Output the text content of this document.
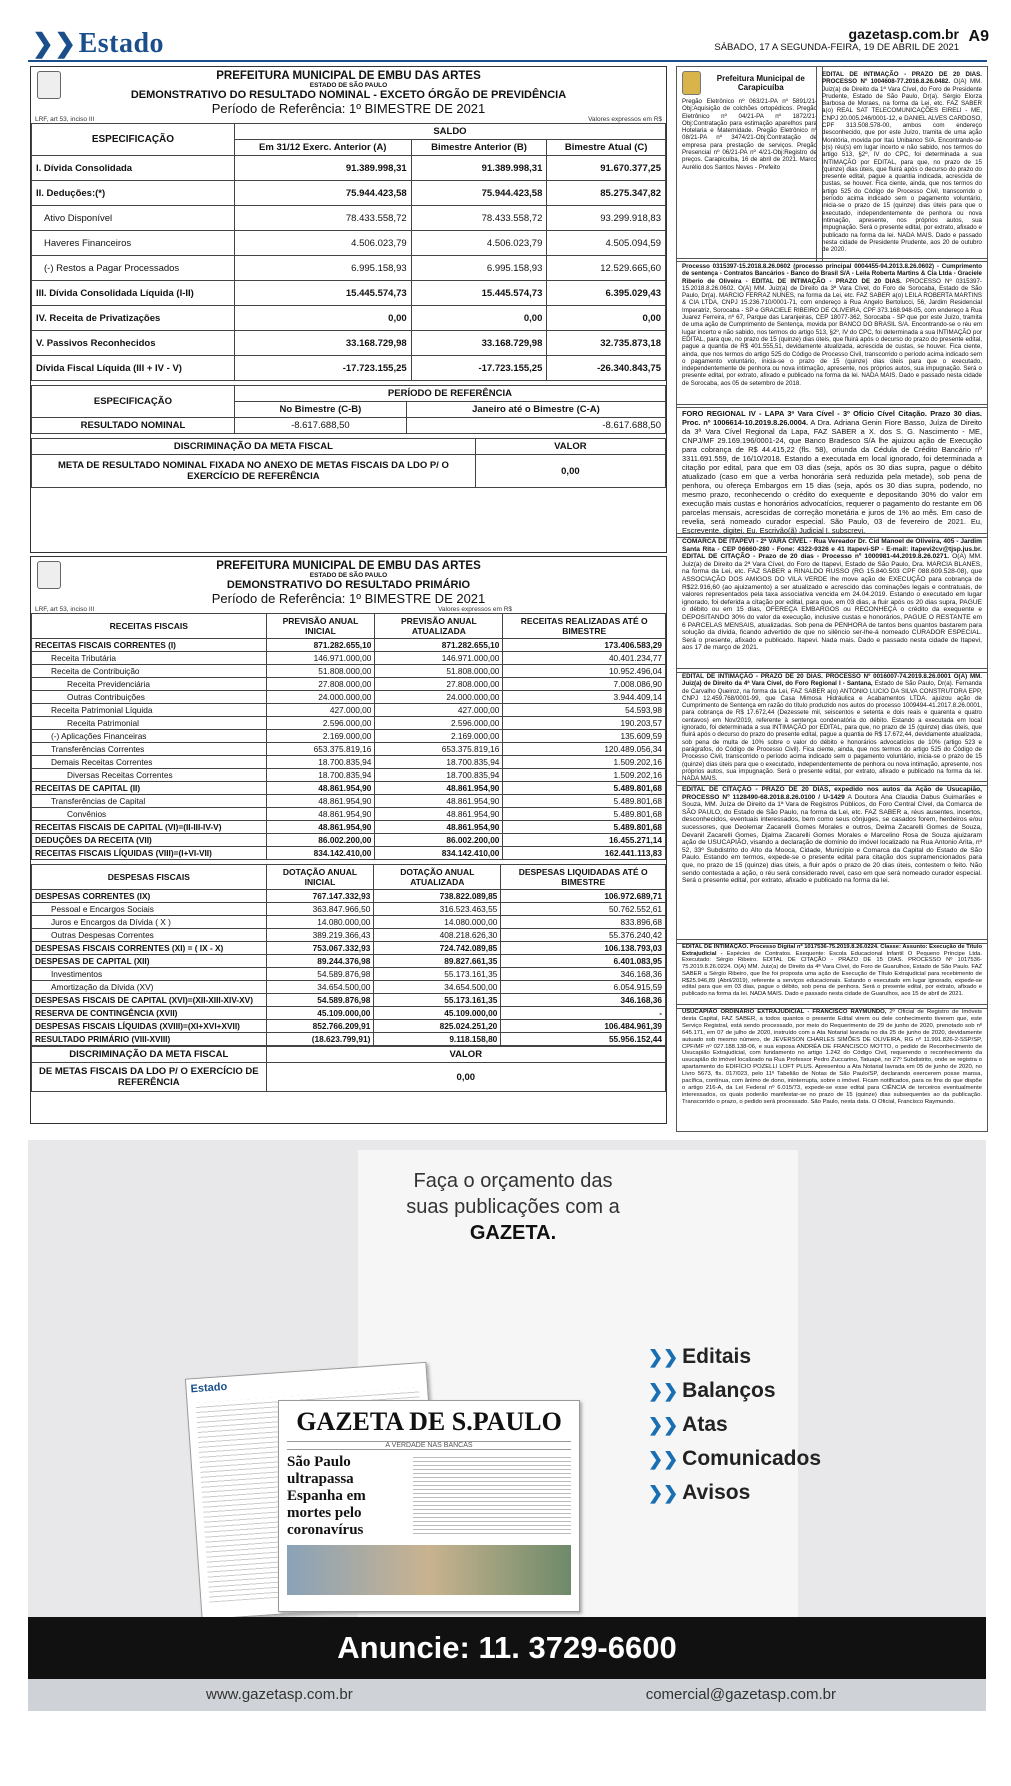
❯❯Estado	gazetasp.com.br
SÁBADO, 17 A SEGUNDA-FEIRA, 19 DE ABRIL DE 2021
A9
PREFEITURA MUNICIPAL DE EMBU DAS ARTES
ESTADO DE SÃO PAULO
DEMONSTRATIVO DO RESULTADO NOMINAL - EXCETO ÓRGÃO DE PREVIDÊNCIA
Período de Referência: 1º BIMESTRE DE 2021
LRF, art 53, inciso III	Valores expressos em R$
ESPECIFICAÇÃO	SALDO		
	Em 31/12 Exerc. Anterior (A)	Bimestre Anterior (B)	Bimestre Atual (C)
I. Dívida Consolidada	91.389.998,31	91.389.998,31	91.670.377,25
II. Deduções:(*)	75.944.423,58	75.944.423,58	85.275.347,82
Ativo Disponível	78.433.558,72	78.433.558,72	93.299.918,83
Haveres Financeiros	4.506.023,79	4.506.023,79	4.505.094,59
(-) Restos a Pagar Processados	6.995.158,93	6.995.158,93	12.529.665,60
III. Dívida Consolidada Líquida (I-II)	15.445.574,73	15.445.574,73	6.395.029,43
IV. Receita de Privatizações	0,00	0,00	0,00
V. Passivos Reconhecidos	33.168.729,98	33.168.729,98	32.735.873,18
Dívida Fiscal Líquida (III + IV - V)	-17.723.155,25	-17.723.155,25	-26.340.843,75
ESPECIFICAÇÃO	PERÍODO DE REFERÊNCIA	
	No Bimestre (C-B)	Janeiro até o Bimestre (C-A)
RESULTADO NOMINAL	-8.617.688,50	-8.617.688,50
DISCRIMINAÇÃO DA META FISCAL	VALOR
META DE RESULTADO NOMINAL FIXADA NO ANEXO DE METAS FISCAIS DA LDO P/ O EXERCÍCIO DE REFERÊNCIA	0,00
PREFEITURA MUNICIPAL DE EMBU DAS ARTES
ESTADO DE SÃO PAULO
DEMONSTRATIVO DO RESULTADO PRIMÁRIO
Período de Referência: 1º BIMESTRE DE 2021
LRF, art 53, inciso III	Valores expressos em R$
RECEITAS FISCAIS	PREVISÃO ANUAL INICIAL	PREVISÃO ANUAL ATUALIZADA	RECEITAS REALIZADAS ATÉ O BIMESTRE
RECEITAS FISCAIS CORRENTES (I)	871.282.655,10	871.282.655,10	173.406.583,29
Receita Tributária	146.971.000,00	146.971.000,00	40.401.234,77
Receita de Contribuição	51.808.000,00	51.808.000,00	10.952.496,04
Receita Previdenciária	27.808.000,00	27.808.000,00	7.008.086,90
Outras Contribuições	24.000.000,00	24.000.000,00	3.944.409,14
Receita Patrimonial Líquida	427.000,00	427.000,00	54.593,98
Receita Patrimonial	2.596.000,00	2.596.000,00	190.203,57
(-) Aplicações Financeiras	2.169.000,00	2.169.000,00	135.609,59
Transferências Correntes	653.375.819,16	653.375.819,16	120.489.056,34
Demais Receitas Correntes	18.700.835,94	18.700.835,94	1.509.202,16
Diversas Receitas Correntes	18.700.835,94	18.700.835,94	1.509.202,16
RECEITAS DE CAPITAL (II)	48.861.954,90	48.861.954,90	5.489.801,68
Transferências de Capital	48.861.954,90	48.861.954,90	5.489.801,68
Convênios	48.861.954,90	48.861.954,90	5.489.801,68
RECEITAS FISCAIS DE CAPITAL (VI)=(II-III-IV-V)	48.861.954,90	48.861.954,90	5.489.801,68
DEDUÇÕES DA RECEITA (VII)	86.002.200,00	86.002.200,00	16.455.271,14
RECEITAS FISCAIS LÍQUIDAS (VIII)=(I+VI-VII)	834.142.410,00	834.142.410,00	162.441.113,83
DESPESAS FISCAIS	DOTAÇÃO ANUAL INICIAL	DOTAÇÃO ANUAL ATUALIZADA	DESPESAS LIQUIDADAS ATÉ O BIMESTRE
DESPESAS CORRENTES (IX)	767.147.332,93	738.822.089,85	106.972.689,71
Pessoal e Encargos Sociais	363.847.966,50	316.523.463,55	50.762.552,61
Juros e Encargos da Dívida ( X )	14.080.000,00	14.080.000,00	833.896,68
Outras Despesas Correntes	389.219.366,43	408.218.626,30	55.376.240,42
DESPESAS FISCAIS CORRENTES (XI) = ( IX - X)	753.067.332,93	724.742.089,85	106.138.793,03
DESPESAS DE CAPITAL (XII)	89.244.376,98	89.827.661,35	6.401.083,95
Investimentos	54.589.876,98	55.173.161,35	346.168,36
Amortização da Dívida (XV)	34.654.500,00	34.654.500,00	6.054.915,59
DESPESAS FISCAIS DE CAPITAL (XVI)=(XII-XIII-XIV-XV)	54.589.876,98	55.173.161,35	346.168,36
RESERVA DE CONTINGÊNCIA (XVII)	45.109.000,00	45.109.000,00	-
DESPESAS FISCAIS LÍQUIDAS (XVIII)=(XI+XVI+XVII)	852.766.209,91	825.024.251,20	106.484.961,39
RESULTADO PRIMÁRIO (VIII-XVIII)	(18.623.799,91)	9.118.158,80	55.956.152,44
DISCRIMINAÇÃO DA META FISCAL	VALOR
DE METAS FISCAIS DA LDO P/ O EXERCÍCIO DE REFERÊNCIA	0,00
Prefeitura Municipal de Carapicuíba
Pregão Eletrônico nº 063/21-PA nº 5891/21-Obj:Aquisição de colchões ortopédicos. Pregão Eletrônico nº 04/21-PA nº 1872/21-Obj:Contratação para estimação aparelhos para Hotelaria e Maternidade. Pregão Eletrônico nº 08/21-PA nº 3474/21-Obj:Contratação de empresa para prestação de serviços. Pregão Presencial nº 06/21-PA nº 4/21-Obj:Registro de preços. Carapicuíba, 16 de abril de 2021. Marco Aurélio dos Santos Neves - Prefeito
EDITAL DE INTIMAÇÃO - PRAZO DE 20 DIAS. PROCESSO Nº 1004608-77.2016.8.26.0482. O(A) MM. Juiz(a) de Direito da 1ª Vara Cível, do Foro de Presidente Prudente, Estado de São Paulo, Dr(a). Sérgio Elorza Barbosa de Moraes, na forma da Lei, etc. FAZ SABER a(o) REAL SAT TELECOMUNICAÇÕES EIRELI - ME, CNPJ 20.005.246/0001-12, e DANIEL ALVES CARDOSO, CPF 313.508.578-00, ambos com endereço desconhecido, que por este Juízo, tramita de uma ação Monitória, movida por Itaú Unibanco S/A. Encontrando-se o(s) réu(s) em lugar incerto e não sabido, nos termos do artigo 513, §2º, IV do CPC, foi determinada a sua INTIMAÇÃO por EDITAL, para que, no prazo de 15 (quinze) dias úteis, que fluirá após o decurso do prazo do presente edital, pague a quantia indicada, acrescida de custas, se houver. Fica ciente, ainda, que nos termos do artigo 525 do Código de Processo Civil, transcorrido o período acima indicado sem o pagamento voluntário, inicia-se o prazo de 15 (quinze) dias úteis para que o executado, independentemente de penhora ou nova intimação, apresente, nos próprios autos, sua impugnação. Será o presente edital, por extrato, afixado e publicado na forma da lei. NADA MAIS. Dado e passado nesta cidade de Presidente Prudente, aos 20 de outubro de 2020.
Processo 0315397-15.2018.8.26.0602 (processo principal 0004455-94.2013.8.26.0602) - Cumprimento de sentença - Contratos Bancários - Banco do Brasil S/A - Leila Roberta Martins & Cia Ltda - Graciele Riberio de Oliveira - EDITAL DE INTIMAÇÃO - PRAZO DE 20 DIAS. PROCESSO Nº 0315397-15.2018.8.26.0602. O(A) MM. Juiz(a) de Direito da 3ª Vara Cível, do Foro de Sorocaba, Estado de São Paulo, Dr(a). MARCIO FERRAZ NUNES, na forma da Lei, etc. FAZ SABER a(o) LEILA ROBERTA MARTINS & CIA LTDA, CNPJ 15.236.710/0001-71, com endereço à Rua Angelo Bertolucci, 56, Jardim Residencial Imperatriz, Sorocaba - SP e GRACIELE RIBEIRO DE OLIVEIRA, CPF 373.168.948-05, com endereço à Rua Juarez Ferreira, nº 67, Parque das Laranjeiras, CEP 18077-362, Sorocaba - SP que por este Juízo, tramita de uma ação de Cumprimento de Sentença, movida por BANCO DO BRASIL S/A. Encontrando-se o réu em lugar incerto e não sabido, nos termos do artigo 513, §2º, IV do CPC, foi determinada a sua INTIMAÇÃO por EDITAL, para que, no prazo de 15 (quinze) dias úteis, que fluirá após o decurso do prazo do presente edital, pague a quantia de R$ 401.555,51, devidamente atualizada, acrescida de custas, se houver. Fica ciente, ainda, que nos termos do artigo 525 do Código de Processo Civil, transcorrido o período acima indicado sem o pagamento voluntário, inicia-se o prazo de 15 (quinze) dias úteis para que o executado, independentemente de penhora ou nova intimação, apresente, nos próprios autos, sua impugnação. Será o presente edital, por extrato, afixado e publicado na forma da lei. NADA MAIS. Dado e passado nesta cidade de Sorocaba, aos 05 de setembro de 2018.
FORO REGIONAL IV - LAPA 3ª Vara Cível - 3º Ofício Cível Citação. Prazo 30 dias. Proc. nº 1006614-10.2019.8.26.0004. A Dra. Adriana Genin Fiore Basso, Juíza de Direito da 3ª Vara Cível Regional da Lapa, FAZ SABER a X. dos S. G. Nascimento - ME, CNPJ/MF 29.169.196/0001-24, que Banco Bradesco S/A lhe ajuizou ação de Execução para cobrança de R$ 44.415,22 (fls. 58), oriunda da Cédula de Crédito Bancário nº 3311.691.559, de 16/10/2018. Estando a executada em local ignorado, foi determinada a citação por edital, para que em 03 dias (seja, após os 30 dias supra, pague o débito atualizado (caso em que a verba honorária será reduzida pela metade), sob pena de penhora, ou ofereça Embargos em 15 dias (seja, após os 30 dias supra, podendo, no mesmo prazo, reconhecendo o crédito do exequente e depositando 30% do valor em execução mais custas e honorários advocatícios, requerer o pagamento do restante em 06 parcelas mensais, acrescidas de correção monetária e juros de 1% ao mês. Em caso de revelia, será nomeado curador especial. São Paulo, 03 de fevereiro de 2021. Eu, Escrevente, digitei. Eu, Escrivão(ã) Judicial I, subscrevi.
COMARCA DE ITAPEVI - 2ª VARA CÍVEL - Rua Vereador Dr. Cid Manoel de Oliveira, 405 - Jardim Santa Rita - CEP 06660-280 - Fone: 4322-9326 e 41 Itapevi-SP - E-mail: itapevi2cv@tjsp.jus.br. EDITAL DE CITAÇÃO - Prazo de 20 dias - Processo nº 1000981-44.2019.8.26.0271. O(A) MM. Juiz(a) de Direito da 2ª Vara Cível, do Foro de Itapevi, Estado de São Paulo, Dra. MARCIA BLANES, na forma da Lei, etc. FAZ SABER a RINALDO RUSSO (RG 15.840.503 CPF 088.609.528-08), que ASSOCIAÇÃO DOS AMIGOS DO VILA VERDE lhe move ação de EXECUÇÃO para cobrança de R$22.916,60 (ao ajuizamento) a ser atualizado e acrescido das cominações legais e contratuais, de valores representados pela taxa associativa vencida em 24.04.2019. Estando o executado em lugar ignorado, foi deferida a citação por edital, para que, em 03 dias, a fluir após os 20 dias supra, PAGUE o débito ou em 15 dias, OFEREÇA EMBARGOS ou RECONHEÇA o crédito da exequente e DEPOSITANDO 30% do valor da execução, inclusive custas e honorários, PAGUE O RESTANTE em 6 PARCELAS MENSAIS, atualizadas. Sob pena de PENHORA de tantos bens quantos bastarem para solução da dívida, ficando advertido de que no silêncio ser-lhe-á nomeado CURADOR ESPECIAL. Será o presente, afixado e publicado. Itapevi. Nada mais. Dado e passado nesta cidade de Itapevi, aos 17 de março de 2021.
EDITAL DE INTIMAÇÃO - PRAZO DE 20 DIAS. PROCESSO Nº 0016007-74.2019.8.26.0001 O(A) MM. Juiz(a) de Direito da 4ª Vara Cível, do Foro Regional I - Santana, Estado de São Paulo, Dr(a). Fernanda de Carvalho Queiroz, na forma da Lei, FAZ SABER a(o) ANTONIO LUCIO DA SILVA CONSTRUTORA EPP, CNPJ 12.459.768/0001-99, que Casa Mimosa Hidráulica e Acabamentos LTDA. ajuizou ação de Cumprimento de Sentença em razão do título produzido nos autos do processo 1009494-41.2017.8.26.0001, para cobrança de R$ 17.672,44 (Dezessete mil, seiscentos e setenta e dois reais e quarenta e quatro centavos) em Nov/2019, referente à sentença condenatória do débito. Estando a executada em local ignorado, foi determinada a sua INTIMAÇÃO por EDITAL, para que, no prazo de 15 (quinze) dias úteis, que fluirá após o decurso do prazo do presente edital, pague a quantia de R$ 17.672,44, devidamente atualizada, sob pena de multa de 10% sobre o valor do débito e honorários advocatícios de 10% (artigo 523 e parágrafos, do Código de Processo Civil). Fica ciente, ainda, que nos termos do artigo 525 do Código de Processo Civil, transcorrido o período acima indicado sem o pagamento voluntário, inicia-se o prazo de 15 (quinze) dias úteis para que o executado, independentemente de penhora ou nova intimação, apresente, nos próprios autos, sua impugnação. Será o presente edital, por extrato, afixado e publicado na forma da lei. NADA MAIS.
EDITAL DE CITAÇÃO - PRAZO DE 20 DIAS, expedido nos autos da Ação de Usucapião, PROCESSO Nº 1128490-68.2018.8.26.0100 / U-1429 A Doutora Ana Claudia Dabus Guimarães e Souza, MM. Juíza de Direito da 1ª Vara de Registros Públicos, do Foro Central Cível, da Comarca de SÃO PAULO, do Estado de São Paulo, na forma da Lei, etc. FAZ SABER a, réus ausentes, incertos, desconhecidos, eventuais interessados, bem como seus cônjuges, se casados forem, herdeiros e/ou sucessores, que Deolemar Zacarelli Gomes Morales e outros, Delma Zacarelli Gomes de Souza, Devanil Zacarelli Gomes, Djalma Zacarelli Gomes Morales e Marcelino Rosa de Souza ajuizaram ação de USUCAPIÃO, visando a declaração de domínio do imóvel localizado na Rua Antonio Arita, nº 52, 33º Subdistrito do Alto da Mooca, Cidade, Município e Comarca da Capital do Estado de São Paulo. Estando em termos, expede-se o presente edital para citação dos supramencionados para que, no prazo de 15 (quinze) dias úteis, a fluir após o prazo de 20 dias úteis, contestem o feito. Não sendo contestada a ação, o réu será considerado revel, caso em que será nomeado curador especial. Será o presente edital, por extrato, afixado e publicado na forma da lei.
EDITAL DE INTIMAÇÃO. Processo Digital nº 1017536-75.2019.8.26.0224. Classe: Assunto: Execução de Título Extrajudicial - Espécies de Contratos. Exequente: Escola Educacional Infantil O Pequeno Príncipe Ltda. Executado: Sérgio Ribeiro. EDITAL DE CITAÇÃO - PRAZO DE 15 DIAS. PROCESSO Nº 1017536-75.2019.8.26.0224. O(A) MM. Juiz(a) de Direito da 4ª Vara Cível, do Foro de Guarulhos, Estado de São Paulo. FAZ SABER a Sérgio Ribeiro, que lhe foi proposta uma ação de Execução de Título Extrajudicial para recebimento de R$25.946,89 (Abril/2019), referente a serviços educacionais. Estando o executado em lugar ignorado, expede-se edital para que em 03 dias, pague o débito, sob pena de penhora. Será o presente edital, por extrato, afixado e publicado na forma da lei. NADA MAIS. Dado e passado nesta cidade de Guarulhos, aos 15 de abril de 2021.
USUCAPIÃO ORDINÁRIO EXTRAJUDICIAL - FRANCISCO RAYMUNDO, 2º Oficial de Registro de Imóveis desta Capital, FAZ SABER, a todos quantos o presente Edital virem ou dele conhecimento tiverem que, este Serviço Registral, está sendo processado, por meio do Requerimento de 29 de junho de 2020, prenotado sob nº 645.171, em 07 de julho de 2020, instruído com a Ata Notarial lavrada no dia 25 de junho de 2020, devidamente autuado sob mesmo número, de JEVERSON CHARLES SIMÕES DE OLIVEIRA, RG nº 11.991.826-2-SSP/SP, CPF/MF nº 027.188.138-06, e sua esposa ANDRÉA DE FRANCISCO MOTTO, o pedido de Reconhecimento de Usucapião Extrajudicial, com fundamento no artigo 1.242 do Código Civil, requerendo o reconhecimento da usucapião do imóvel localizado na Rua Professor Pedro Zuccarino, Tatuapé, no 27º Subdistrito, onde se registra o apartamento do EDIFÍCIO POZELLI LOFT PLUS. Apresentou a Ata Notarial lavrada em 05 de junho de 2020, no Livro 5673, fls. 017/023, pelo 11º Tabelião de Notas de São Paulo/SP, declarando exercerem posse mansa, pacífica, contínua, com ânimo de dono, ininterrupta, sobre o imóvel. Ficam notificados, para os fins do que dispõe o artigo 216-A, da Lei Federal nº 6.015/73, expede-se esse edital para CIÊNCIA de terceiros eventualmente interessados, os quais poderão manifestar-se no prazo de 15 (quinze) dias subsequentes ao da publicação. Transcorrido o prazo, o pedido será processado. São Paulo, nesta data. O Oficial, Francisco Raymundo.
Faça o orçamento das
suas publicações com a
GAZETA.
Estado
GAZETA DE S.PAULO
A VERDADE NAS BANCAS
São Paulo ultrapassa Espanha em mortes pelo coronavírus
❯❯ Editais
❯❯ Balanços
❯❯ Atas
❯❯ Comunicados
❯❯ Avisos
Anuncie: 11. 3729-6600
www.gazetasp.com.br	comercial@gazetasp.com.br
